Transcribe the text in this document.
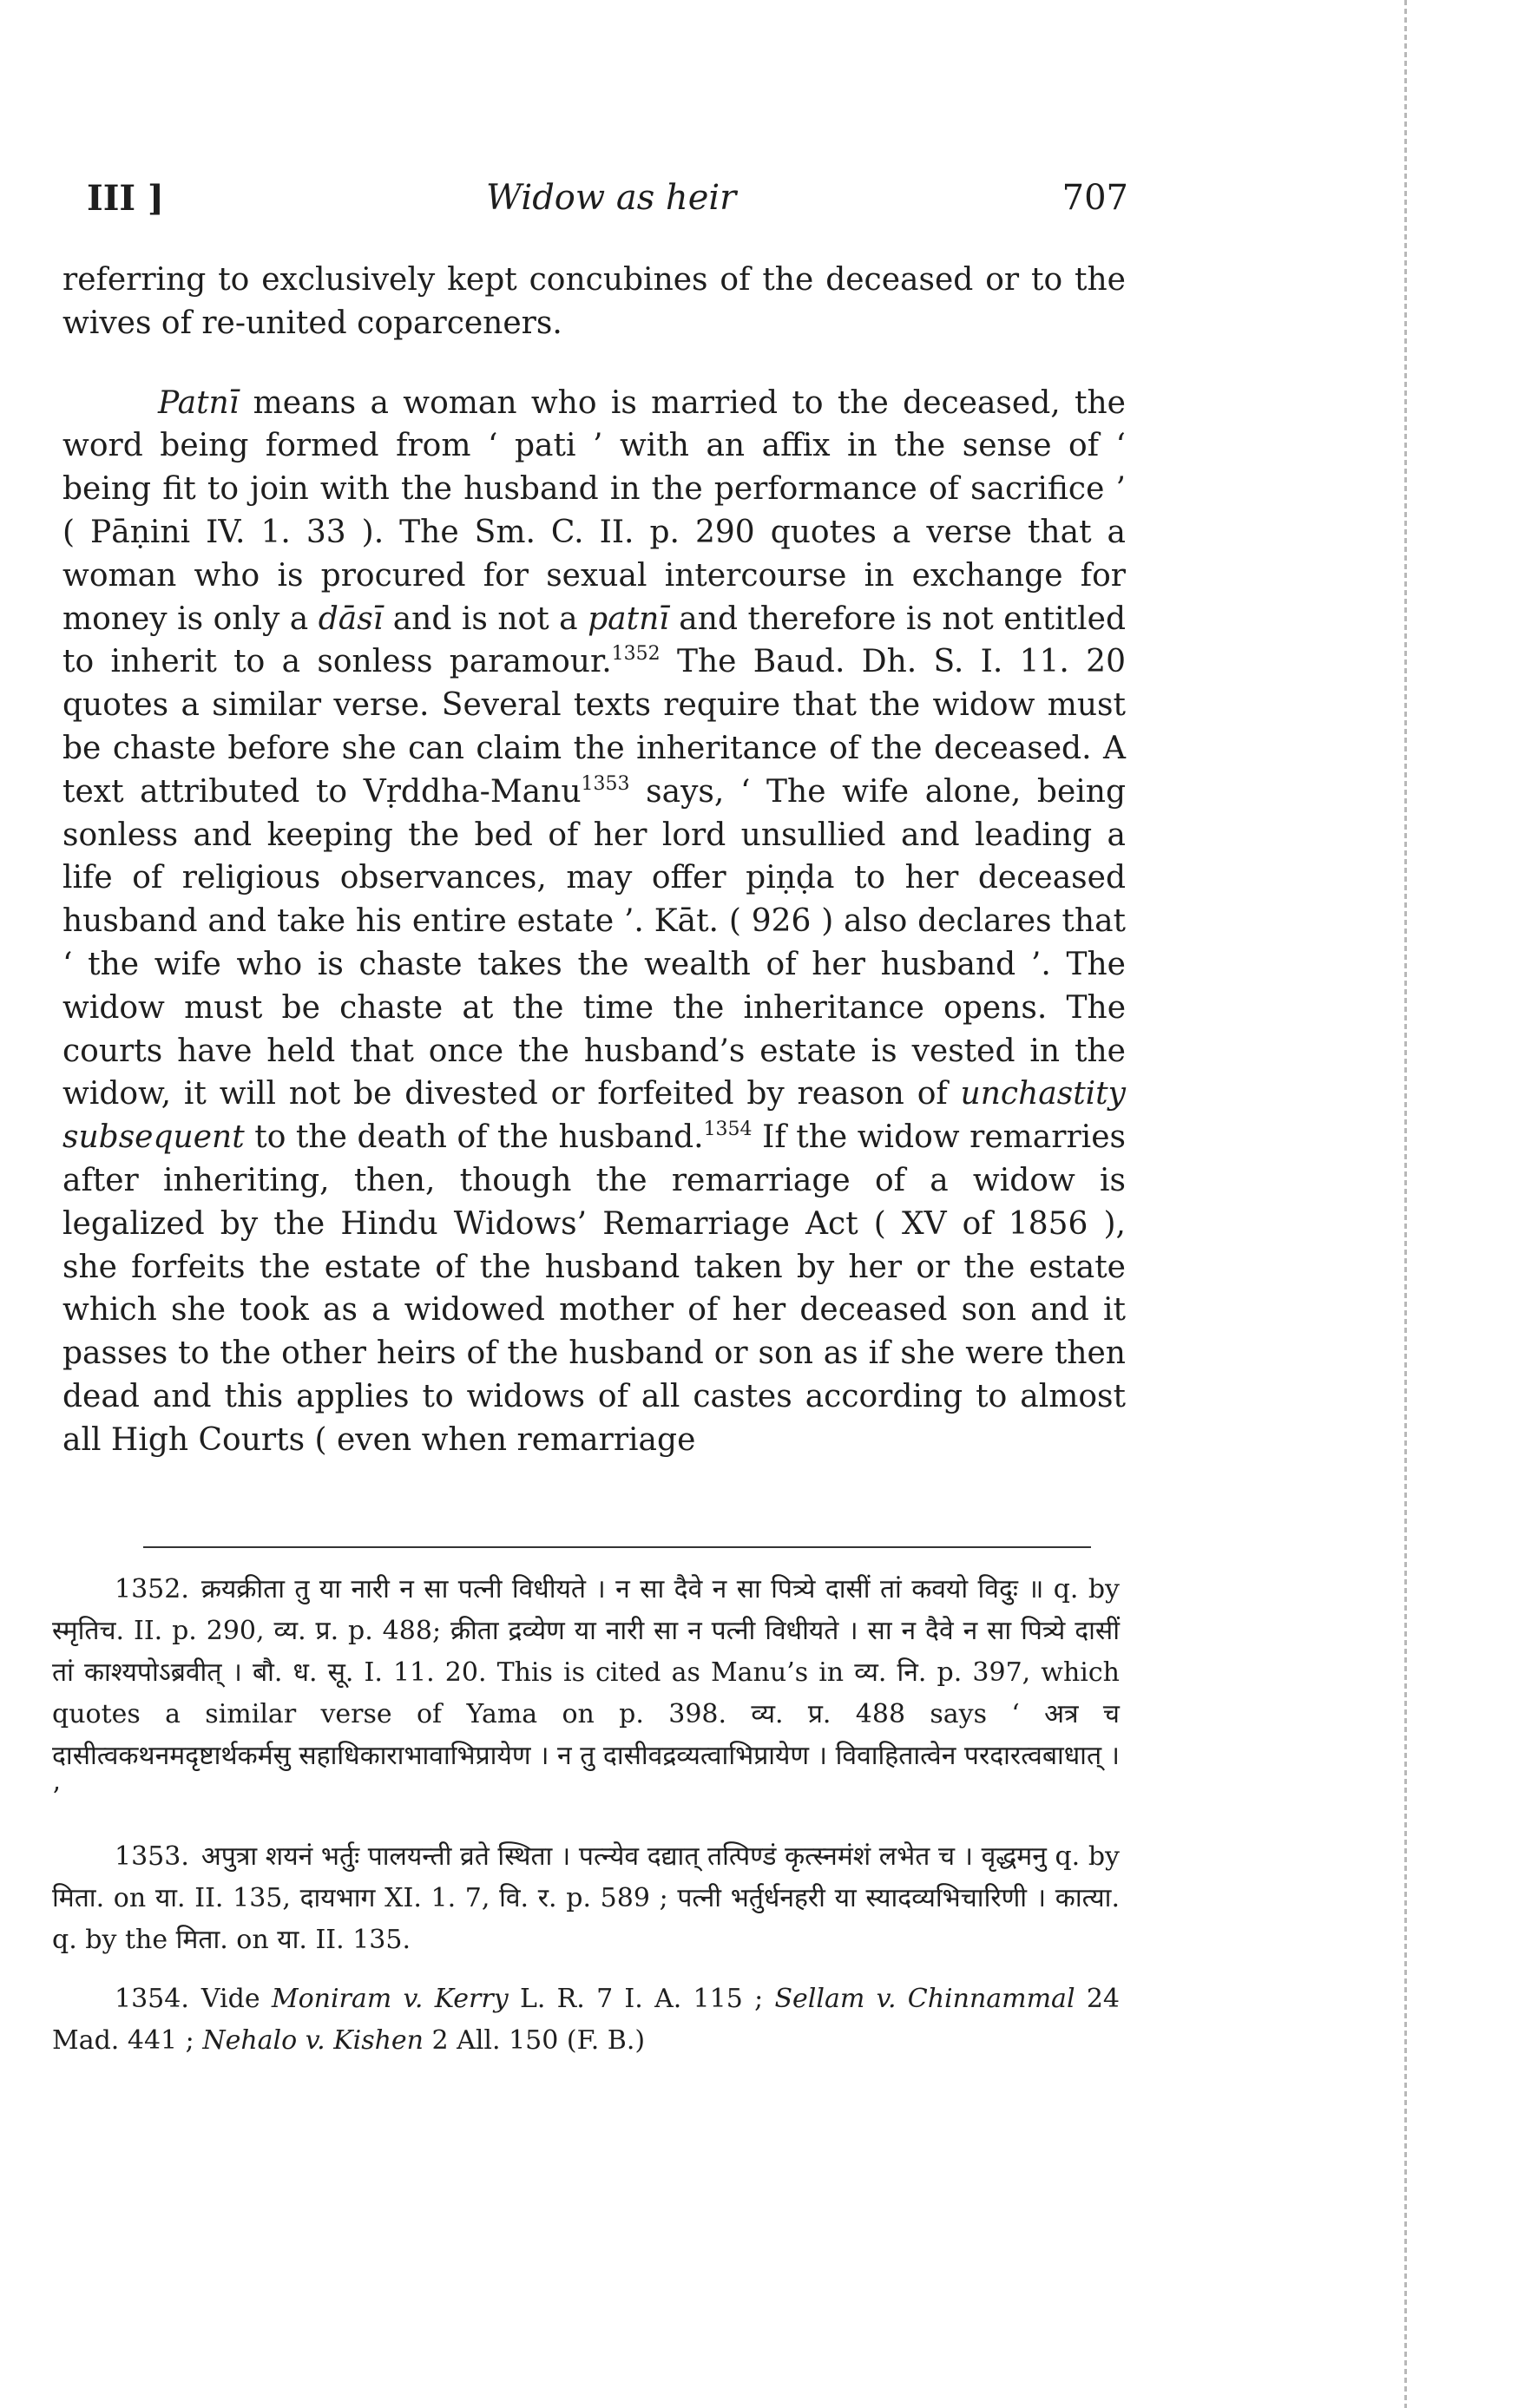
III ]	Widow as heir	707

referring to exclusively kept concubines of the deceased or to the wives of re-united coparceners.

Patnī means a woman who is married to the deceased, the word being formed from ‘ pati ’ with an affix in the sense of ‘ being fit to join with the husband in the performance of sacrifice ’ ( Pāṇini IV. 1. 33 ). The Sm. C. II. p. 290 quotes a verse that a woman who is procured for sexual intercourse in exchange for money is only a dāsī and is not a patnī and therefore is not entitled to inherit to a sonless paramour.$^{1352}$ The Baud. Dh. S. I. 11. 20 quotes a similar verse. Several texts require that the widow must be chaste before she can claim the inheritance of the deceased. A text attributed to Vṛddha-Manu$^{1353}$ says, ‘ The wife alone, being sonless and keeping the bed of her lord unsullied and leading a life of religious observances, may offer piṇḍa to her deceased husband and take his entire estate ’. Kāt. ( 926 ) also declares that ‘ the wife who is chaste takes the wealth of her husband ’. The widow must be chaste at the time the inheritance opens. The courts have held that once the husband’s estate is vested in the widow, it will not be divested or forfeited by reason of unchastity subsequent to the death of the husband.$^{1354}$ If the widow remarries after inheriting, then, though the remarriage of a widow is legalized by the Hindu Widows’ Remarriage Act ( XV of 1856 ), she forfeits the estate of the husband taken by her or the estate which she took as a widowed mother of her deceased son and it passes to the other heirs of the husband or son as if she were then dead and this applies to widows of all castes according to almost all High Courts ( even when remarriage

1352. क्रयक्रीता तु या नारी न सा पत्नी विधीयते । न सा दैवे न सा पित्र्ये दासीं तां कवयो विदुः ॥ q. by स्मृतिच. II. p. 290, व्य. प्र. p. 488; क्रीता द्रव्येण या नारी सा न पत्नी विधीयते । सा न दैवे न सा पित्र्ये दासीं तां काश्यपोऽब्रवीत् । बौ. ध. सू. I. 11. 20. This is cited as Manu’s in व्य. नि. p. 397, which quotes a similar verse of Yama on p. 398. व्य. प्र. 488 says ‘ अत्र च दासीत्वकथनमदृष्टार्थकर्मसु सहाधिकाराभावाभिप्रायेण । न तु दासीवद्रव्यत्वाभिप्रायेण । विवाहितात्वेन परदारत्वबाधात् । ’

1353. अपुत्रा शयनं भर्तुः पालयन्ती व्रते स्थिता । पत्न्येव दद्यात् तत्पिण्डं कृत्स्नमंशं लभेत च । वृद्धमनु q. by मिता. on या. II. 135, दायभाग XI. 1. 7, वि. र. p. 589 ; पत्नी भर्तुर्धनहरी या स्यादव्यभिचारिणी । कात्या. q. by the मिता. on या. II. 135.

1354. Vide Moniram v. Kerry L. R. 7 I. A. 115 ; Sellam v. Chinnammal 24 Mad. 441 ; Nehalo v. Kishen 2 All. 150 (F. B.)
